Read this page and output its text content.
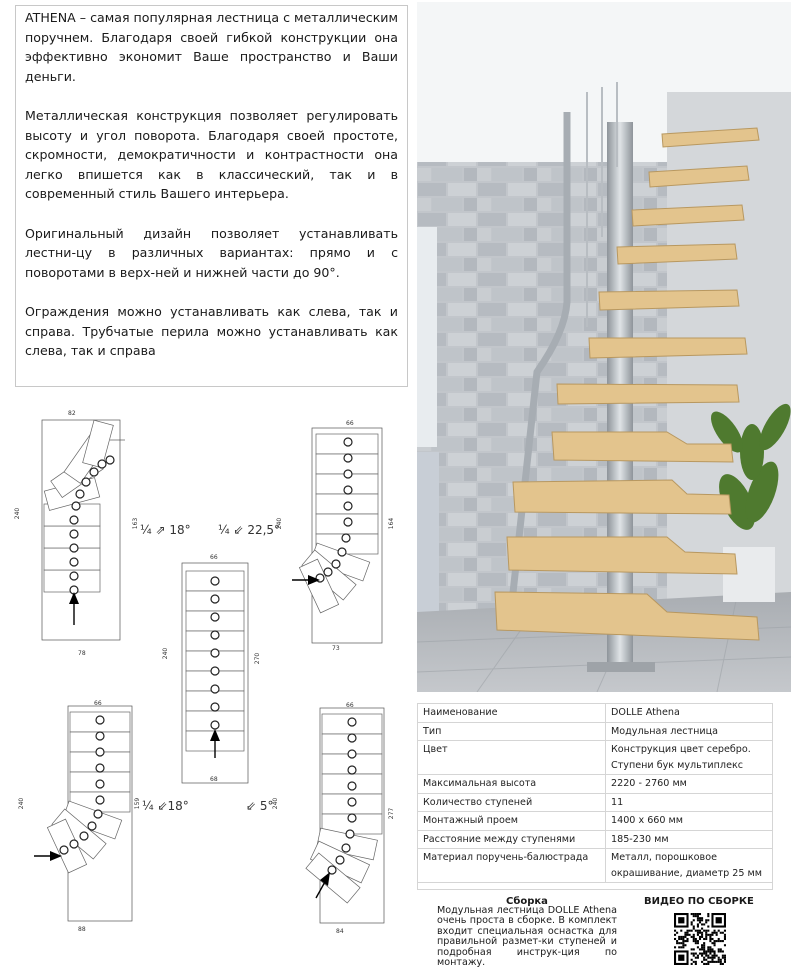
ATHENA – самая популярная лестница с металлическим поручнем. Благодаря своей гибкой конструкции она эффективно экономит Ваше пространство и Ваши деньги.

Металлическая конструкция позволяет регулировать высоту и угол поворота. Благодаря своей простоте, скромности, демократичности и контрастности она легко впишется как в классический, так и в современный стиль Вашего интерьера.

Оригинальный дизайн позволяет устанавливать лестни-цу в различных вариантах: прямо и с поворотами в верх-ней и нижней части до 90°.

Ограждения можно устанавливать как слева, так и справа. Трубчатые перила можно устанавливать как слева, так и справа

82
240
163
78
¼ ⇗ 18°
66
240	164
73
¼ ⇙ 22,5°
66
240	270
68
66
240	159
88
¼ ⇙18°
66
240
277
84
⇙ 5°
Наименование	DOLLE Athena
Тип	Модульная лестница
Цвет	Конструкция цвет серебро. Ступени бук мультиплекс
Максимальная высота	2220 - 2760 мм
Количество ступеней	11
Монтажный проем	1400 х 660 мм
Расстояние между ступенями	185-230 мм
Материал поручень-балюстрада	Металл, порошковое окрашивание, диаметр 25 мм
Сборка
Модульная лестница DOLLE Athena очень проста в сборке. В комплект входит специальная оснастка для правильной размет-ки ступеней и подробная инструк-ция по монтажу.
ВИДЕО ПО СБОРКЕ
